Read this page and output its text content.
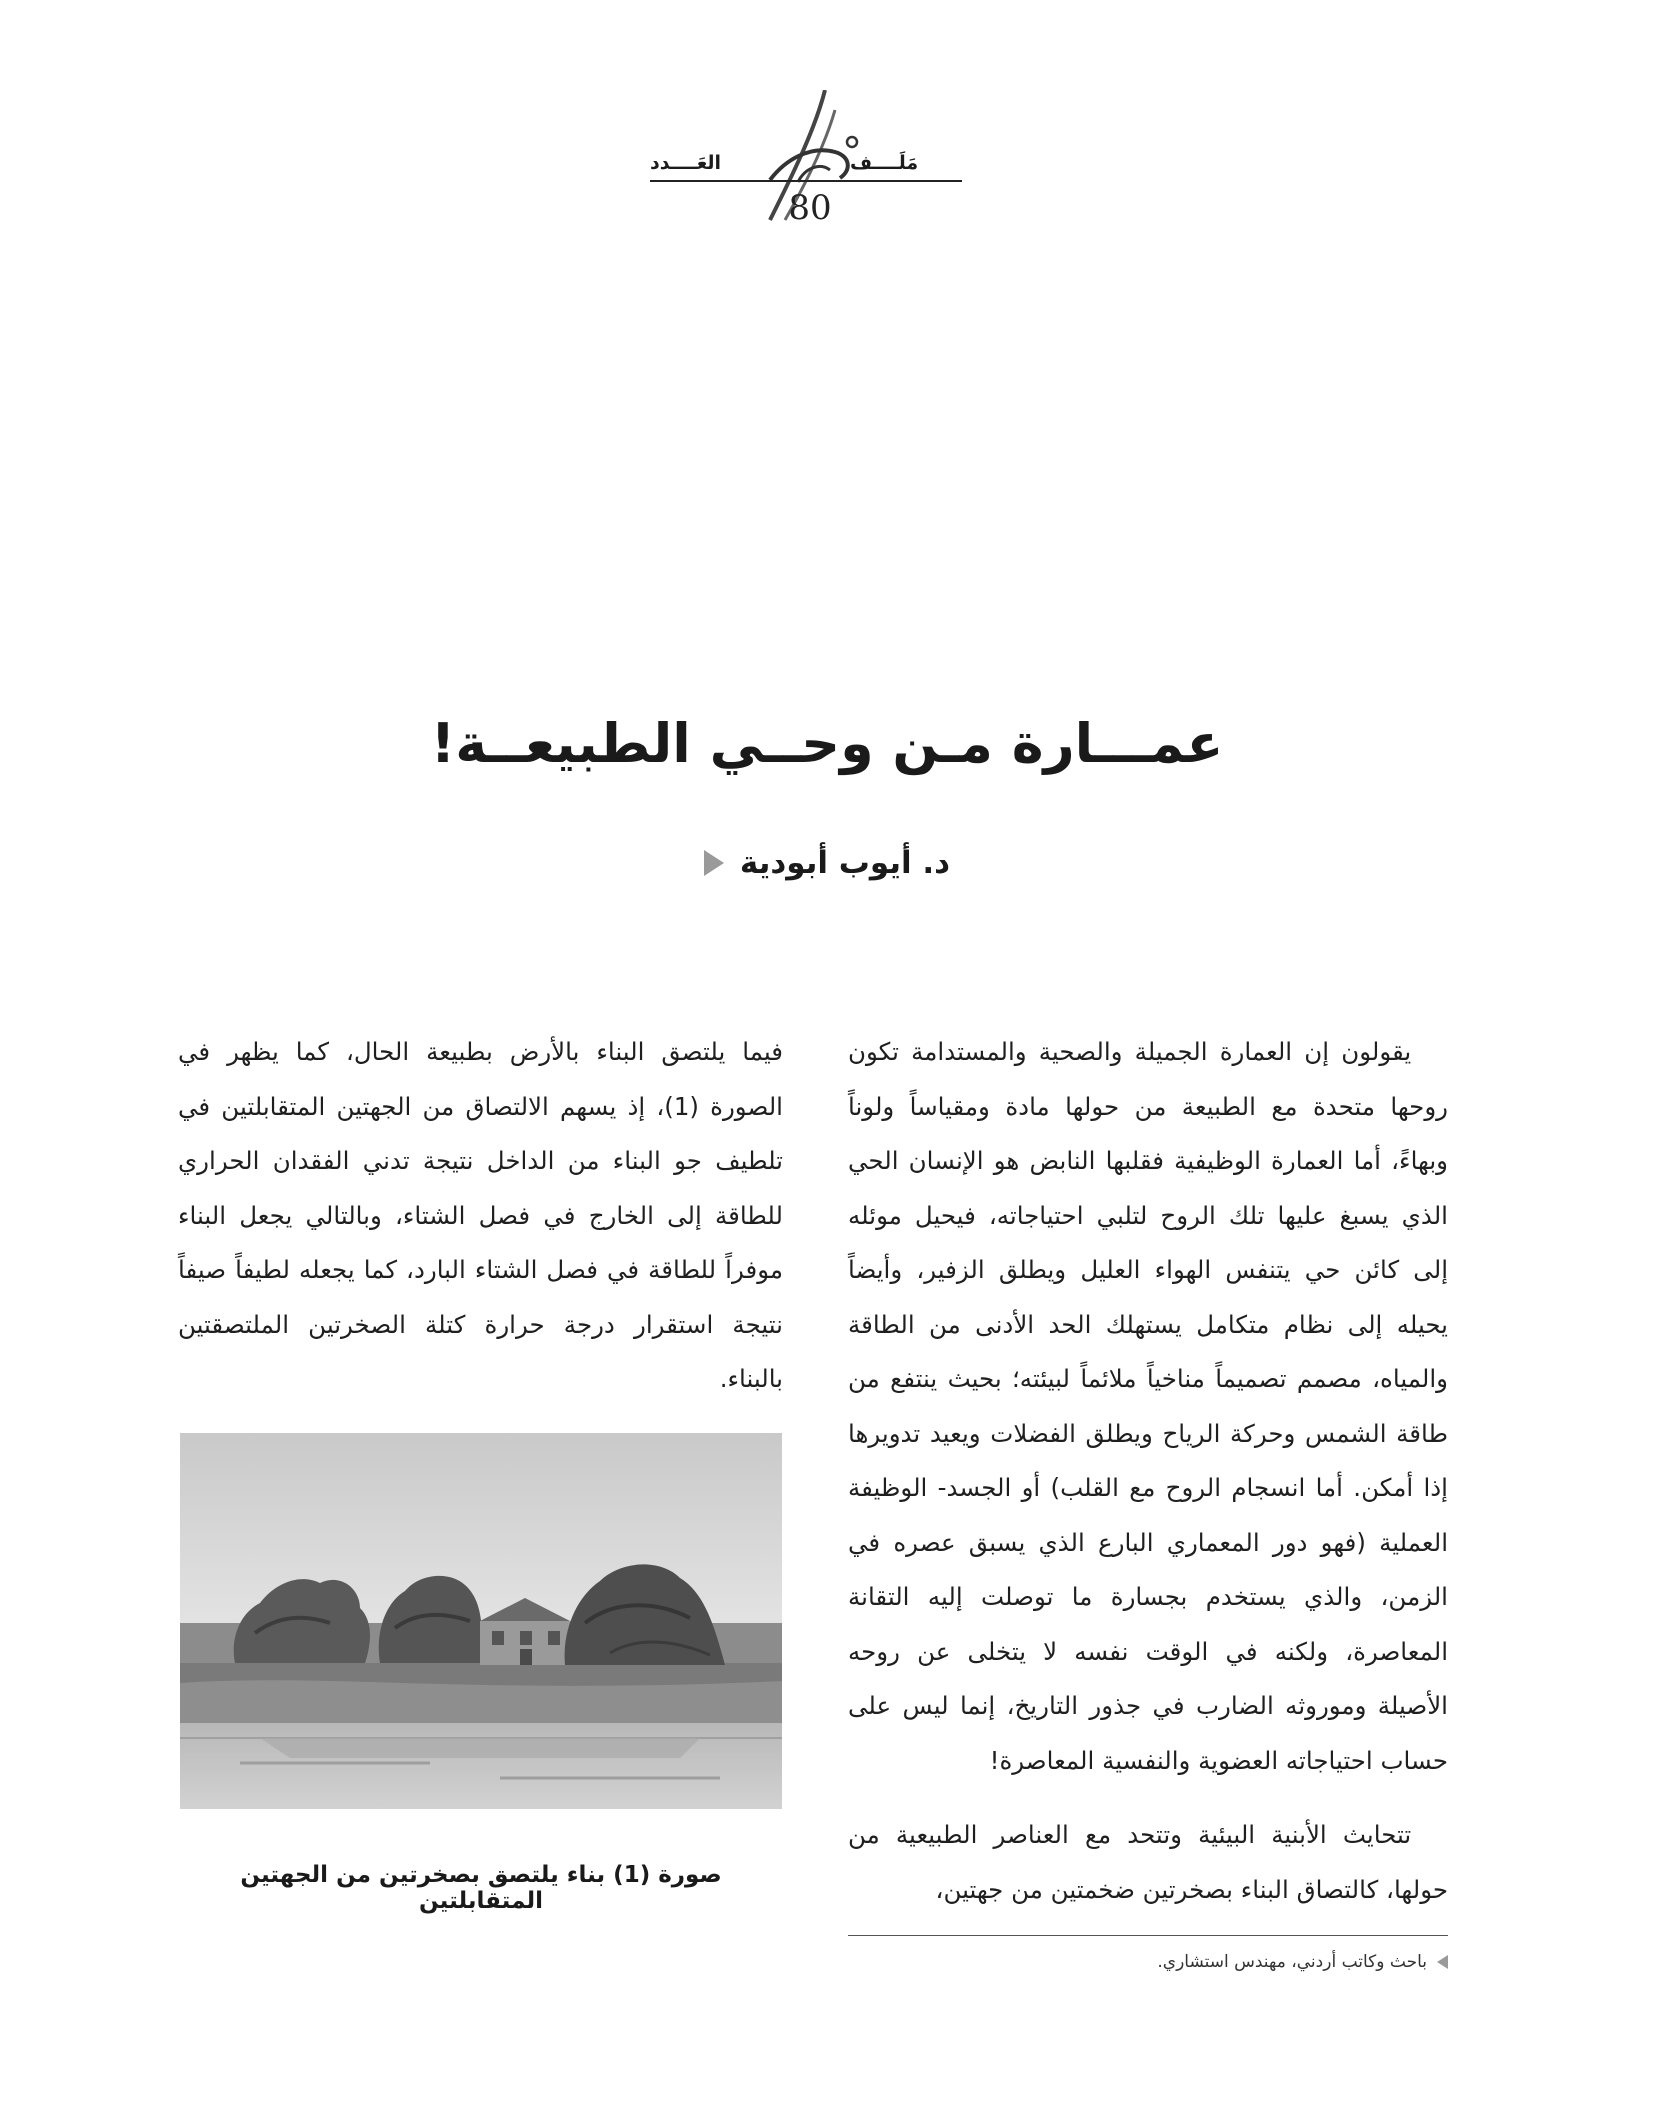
مَلَــــف
العَــــدد
80
عمـــارة مـن وحــي الطبيعــة!
د. أيوب أبودية

يقولون إن العمارة الجميلة والصحية والمستدامة تكون روحها متحدة مع الطبيعة من حولها مادة ومقياساً ولوناً وبهاءً، أما العمارة الوظيفية فقلبها النابض هو الإنسان الحي الذي يسبغ عليها تلك الروح لتلبي احتياجاته، فيحيل موئله إلى كائن حي يتنفس الهواء العليل ويطلق الزفير، وأيضاً يحيله إلى نظام متكامل يستهلك الحد الأدنى من الطاقة والمياه، مصمم تصميماً مناخياً ملائماً لبيئته؛ بحيث ينتفع من طاقة الشمس وحركة الرياح ويطلق الفضلات ويعيد تدويرها إذا أمكن. أما انسجام الروح مع القلب) أو الجسد- الوظيفة العملية (فهو دور المعماري البارع الذي يسبق عصره في الزمن، والذي يستخدم بجسارة ما توصلت إليه التقانة المعاصرة، ولكنه في الوقت نفسه لا يتخلى عن روحه الأصيلة وموروثه الضارب في جذور التاريخ، إنما ليس على حساب احتياجاته العضوية والنفسية المعاصرة!

تتحايث الأبنية البيئية وتتحد مع العناصر الطبيعية من حولها، كالتصاق البناء بصخرتين ضخمتين من جهتين،

فيما يلتصق البناء بالأرض بطبيعة الحال، كما يظهر في الصورة (1)، إذ يسهم الالتصاق من الجهتين المتقابلتين في تلطيف جو البناء من الداخل نتيجة تدني الفقدان الحراري للطاقة إلى الخارج في فصل الشتاء، وبالتالي يجعل البناء موفراً للطاقة في فصل الشتاء البارد، كما يجعله لطيفاً صيفاً نتيجة استقرار درجة حرارة كتلة الصخرتين الملتصقتين بالبناء.

صورة (1) بناء يلتصق بصخرتين من الجهتين المتقابلتين
باحث وكاتب أردني، مهندس استشاري.
